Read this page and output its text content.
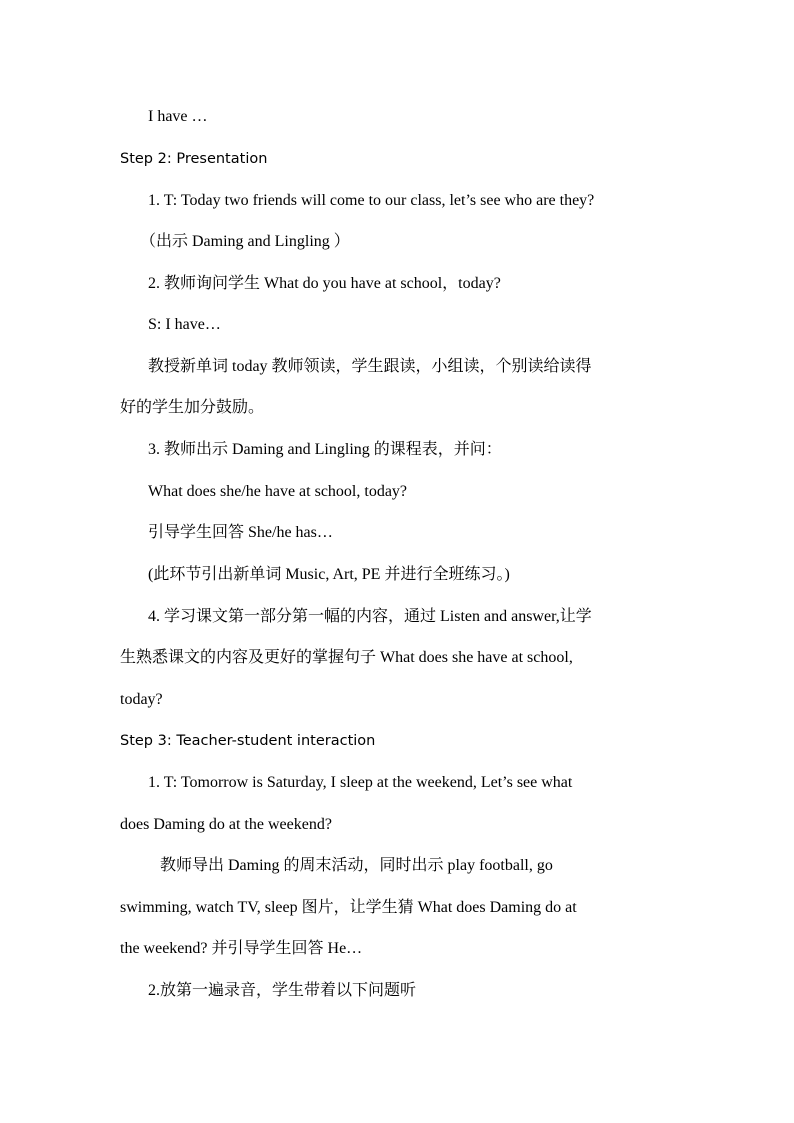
I have …
Step 2: Presentation
1. T: Today two friends will come to our class, let’s see who are they?
（出示 Daming and Lingling ）
2. 教师询问学生 What do you have at school，today?
S: I have…
教授新单词 today 教师领读，学生跟读，小组读，个别读给读得
好的学生加分鼓励。
3. 教师出示 Daming and Lingling 的课程表，并问：
What does she/he have at school, today?
引导学生回答 She/he has…
(此环节引出新单词 Music, Art, PE 并进行全班练习。)
4. 学习课文第一部分第一幅的内容，通过 Listen and answer,让学
生熟悉课文的内容及更好的掌握句子 What does she have at school,
today?
Step 3: Teacher-student interaction
1. T: Tomorrow is Saturday, I sleep at the weekend, Let’s see what
does Daming do at the weekend?
教师导出 Daming 的周末活动，同时出示 play football, go
swimming, watch TV, sleep 图片，让学生猜 What does Daming do at
the weekend? 并引导学生回答 He…
2.放第一遍录音，学生带着以下问题听
